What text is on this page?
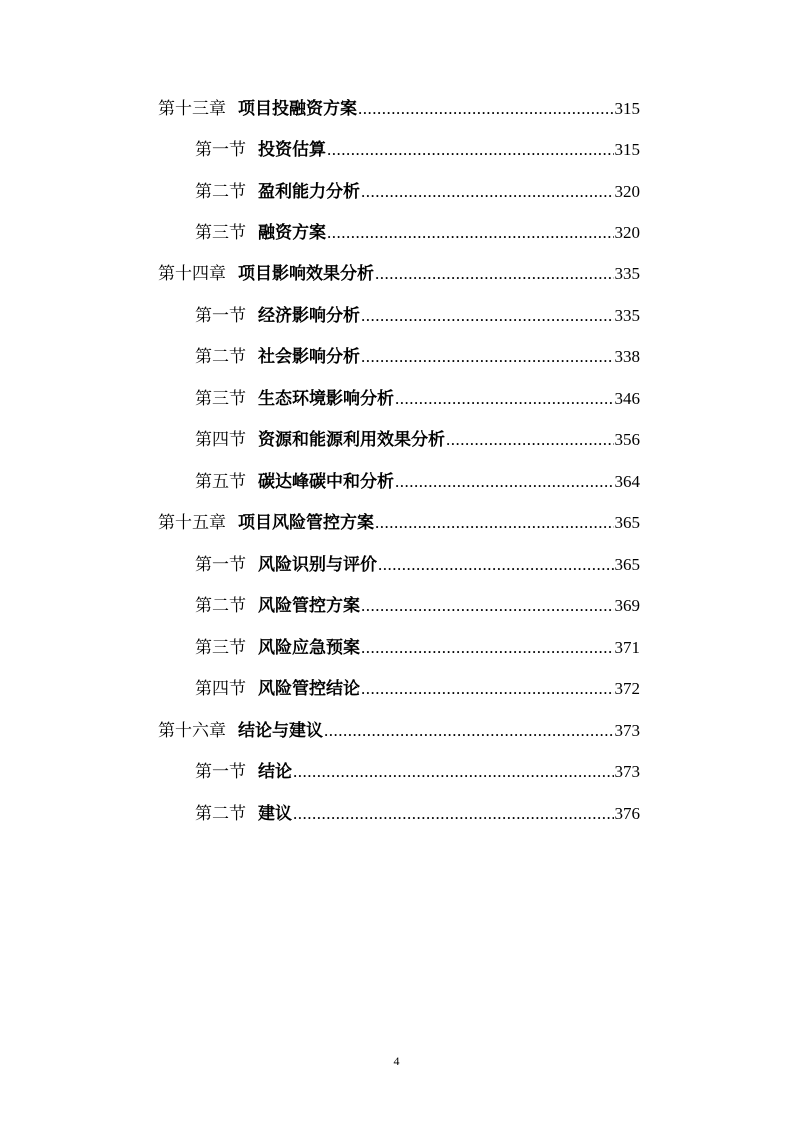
第十三章 项目投融资方案 .....	315
第一节 投资估算 .....	315
第二节 盈利能力分析 .....	320
第三节 融资方案 .....	320
第十四章 项目影响效果分析 .....	335
第一节 经济影响分析 .....	335
第二节 社会影响分析 .....	338
第三节 生态环境影响分析 .....	346
第四节 资源和能源利用效果分析 .....	356
第五节 碳达峰碳中和分析 .....	364
第十五章 项目风险管控方案 .....	365
第一节 风险识别与评价 .....	365
第二节 风险管控方案 .....	369
第三节 风险应急预案 .....	371
第四节 风险管控结论 .....	372
第十六章 结论与建议 .....	373
第一节 结论 .....	373
第二节 建议 .....	376
4
